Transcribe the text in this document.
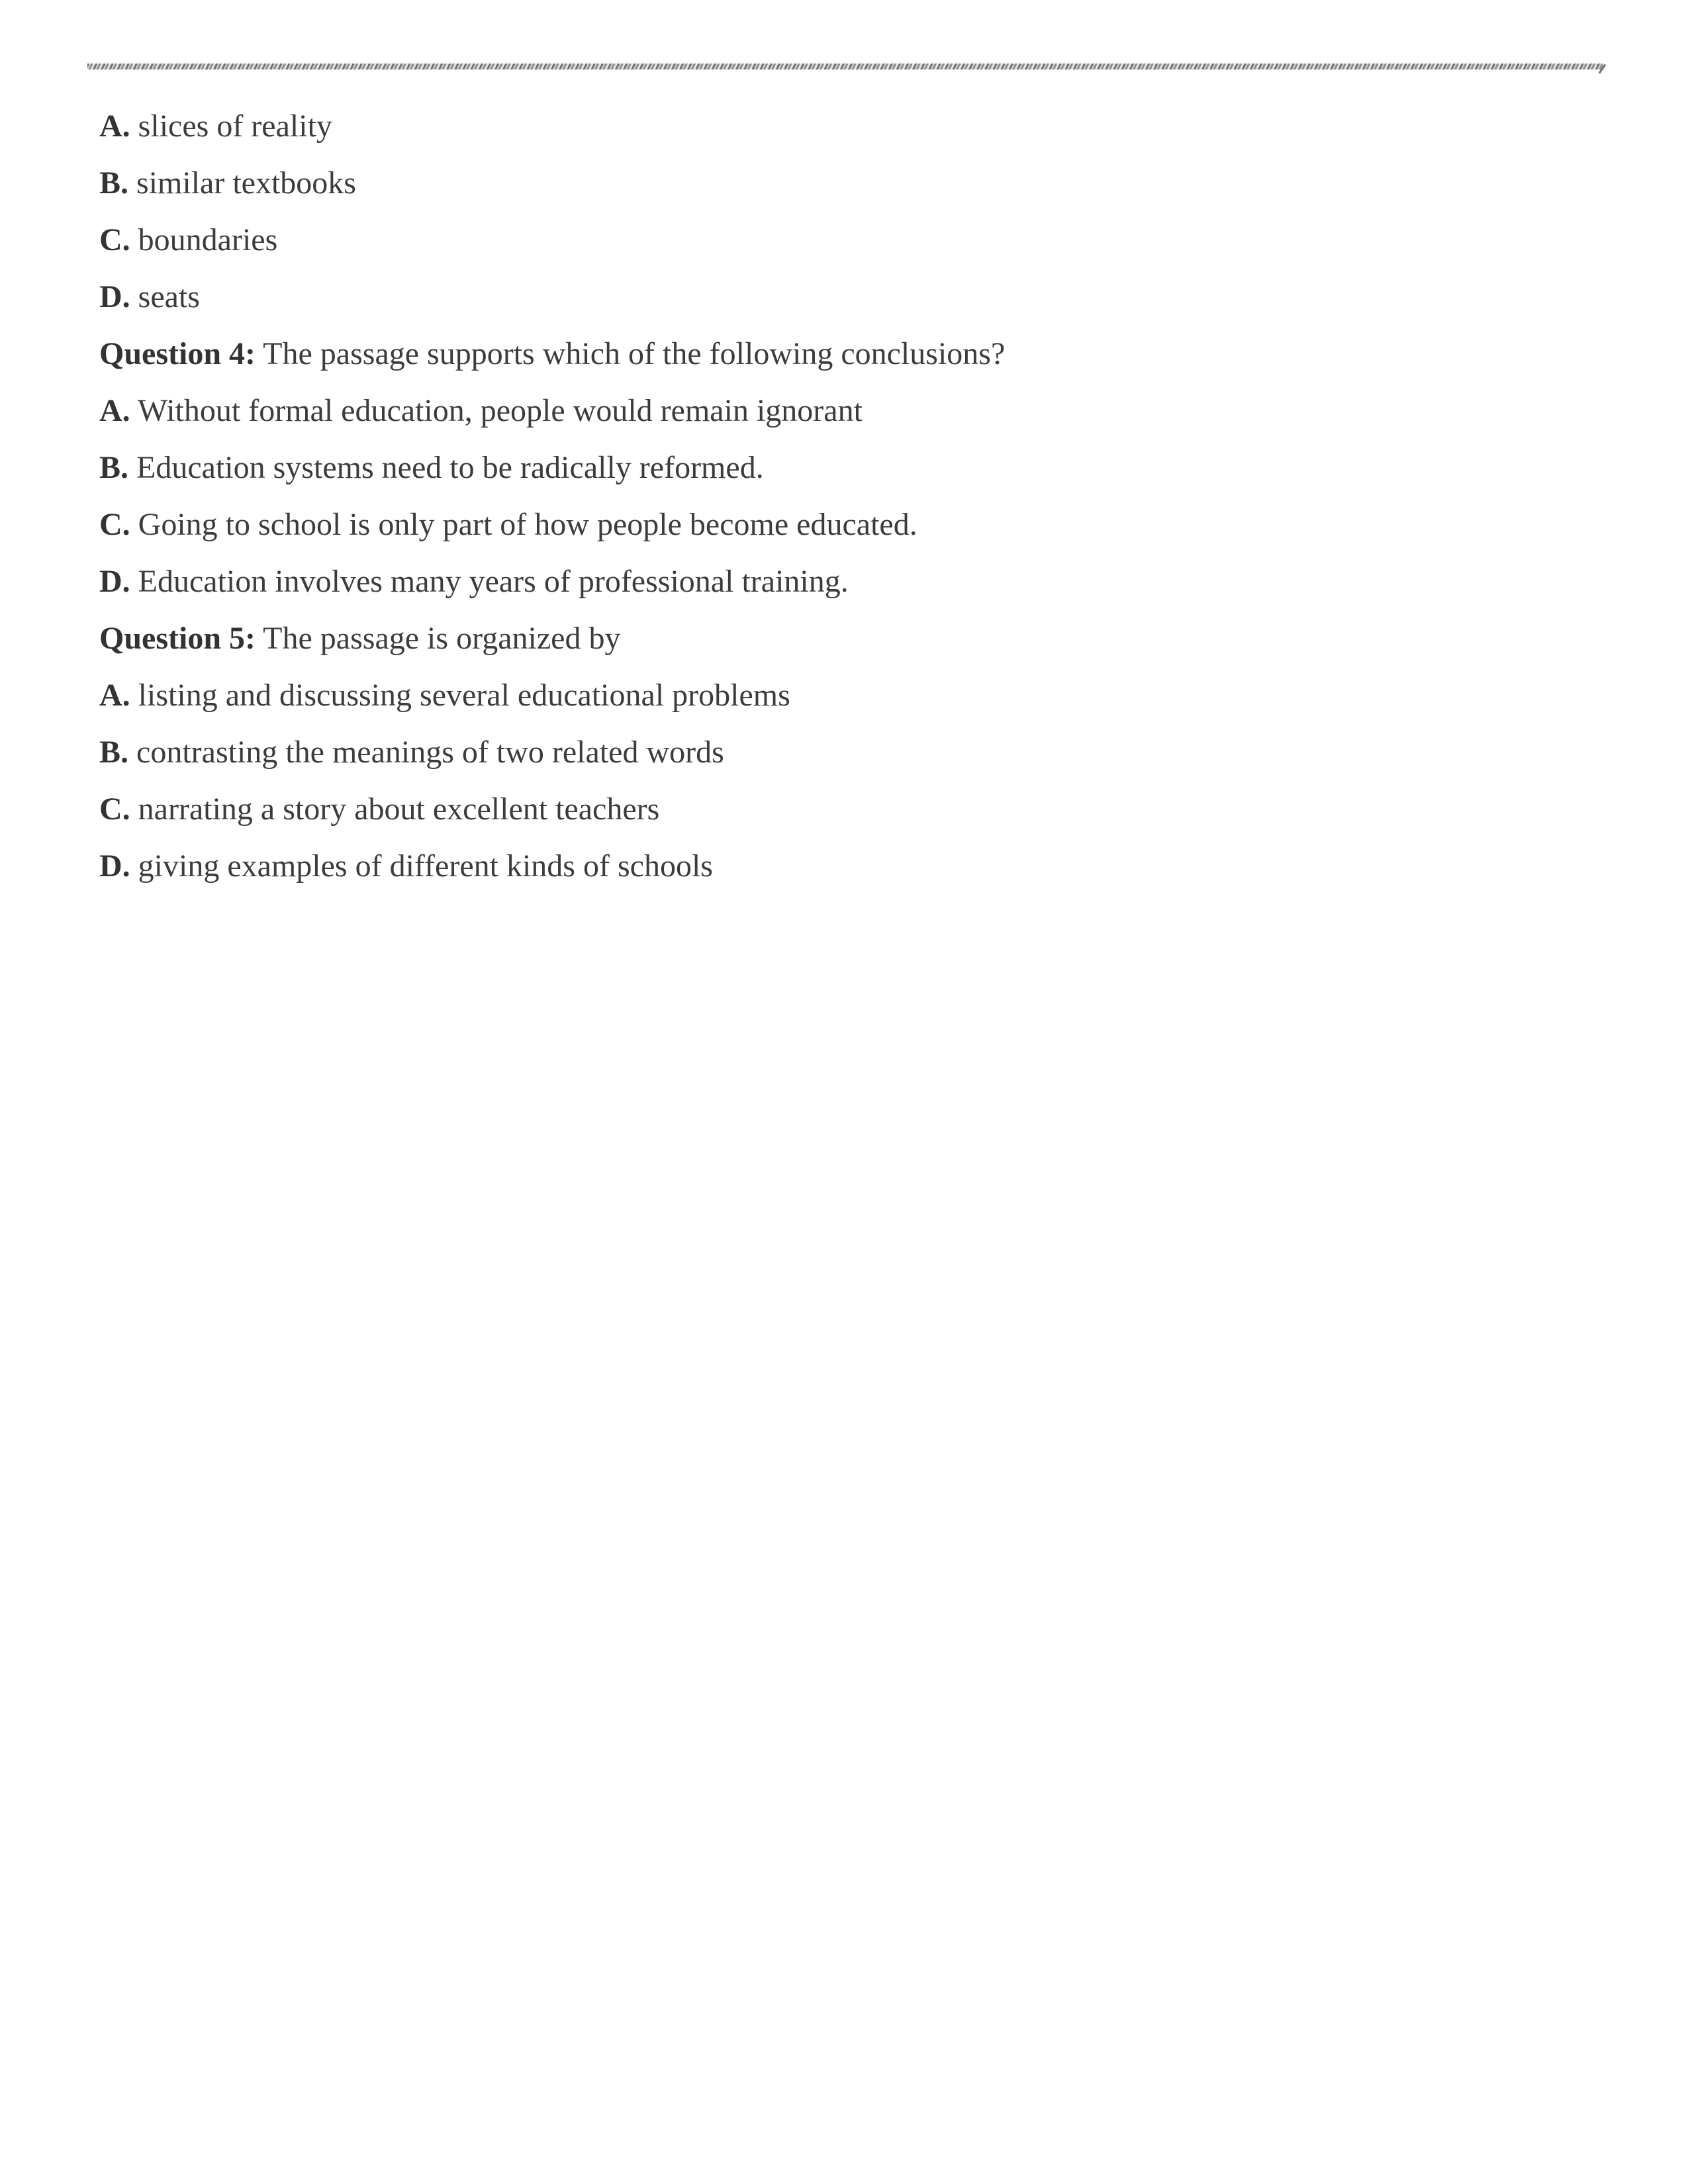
A. slices of reality
B. similar textbooks
C. boundaries
D. seats
Question 4: The passage supports which of the following conclusions?
A. Without formal education, people would remain ignorant
B. Education systems need to be radically reformed.
C. Going to school is only part of how people become educated.
D. Education involves many years of professional training.
Question 5: The passage is organized by
A. listing and discussing several educational problems
B. contrasting the meanings of two related words
C. narrating a story about excellent teachers
D. giving examples of different kinds of schools
